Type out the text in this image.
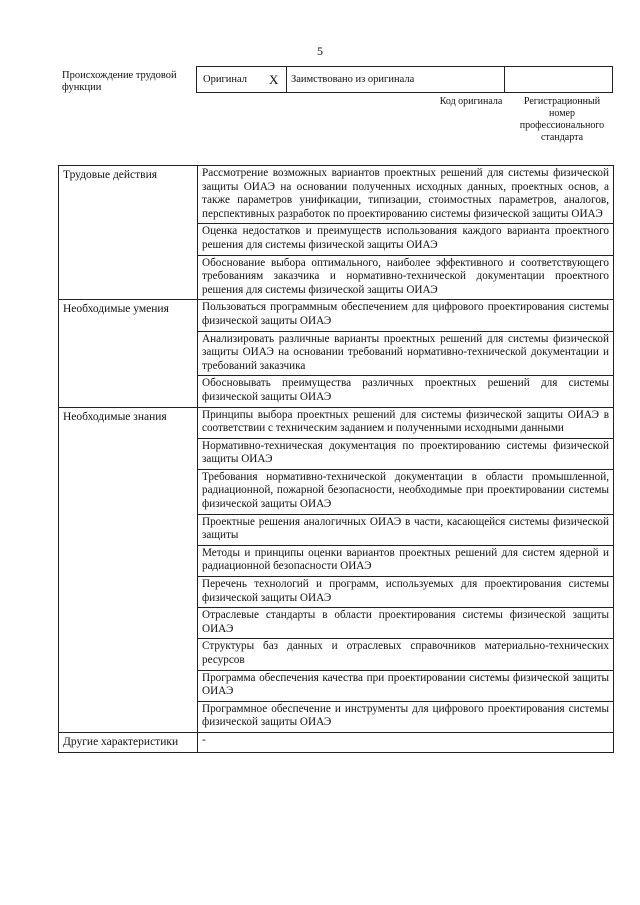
5
Происхождение трудовой функции
Оригинал X	Заимствовано из оригинала
Код оригинала	Регистрационный номер профессионального стандарта
Трудовые действия	Рассмотрение возможных вариантов проектных решений для системы физической защиты ОИАЭ на основании полученных исходных данных, проектных основ, а также параметров унификации, типизации, стоимостных параметров, аналогов, перспективных разработок по проектированию системы физической защиты ОИАЭ
	Оценка недостатков и преимуществ использования каждого варианта проектного решения для системы физической защиты ОИАЭ
	Обоснование выбора оптимального, наиболее эффективного и соответствующего требованиям заказчика и нормативно-технической документации проектного решения для системы физической защиты ОИАЭ
Необходимые умения	Пользоваться программным обеспечением для цифрового проектирования системы физической защиты ОИАЭ
	Анализировать различные варианты проектных решений для системы физической защиты ОИАЭ на основании требований нормативно-технической документации и требований заказчика
	Обосновывать преимущества различных проектных решений для системы физической защиты ОИАЭ
Необходимые знания	Принципы выбора проектных решений для системы физической защиты ОИАЭ в соответствии с техническим заданием и полученными исходными данными
	Нормативно-техническая документация по проектированию системы физической защиты ОИАЭ
	Требования нормативно-технической документации в области промышленной, радиационной, пожарной безопасности, необходимые при проектировании системы физической защиты ОИАЭ
	Проектные решения аналогичных ОИАЭ в части, касающейся системы физической защиты
	Методы и принципы оценки вариантов проектных решений для систем ядерной и радиационной безопасности ОИАЭ
	Перечень технологий и программ, используемых для проектирования системы физической защиты ОИАЭ
	Отраслевые стандарты в области проектирования системы физической защиты ОИАЭ
	Структуры баз данных и отраслевых справочников материально-технических ресурсов
	Программа обеспечения качества при проектировании системы физической защиты ОИАЭ
	Программное обеспечение и инструменты для цифрового проектирования системы физической защиты ОИАЭ
Другие характеристики	-
